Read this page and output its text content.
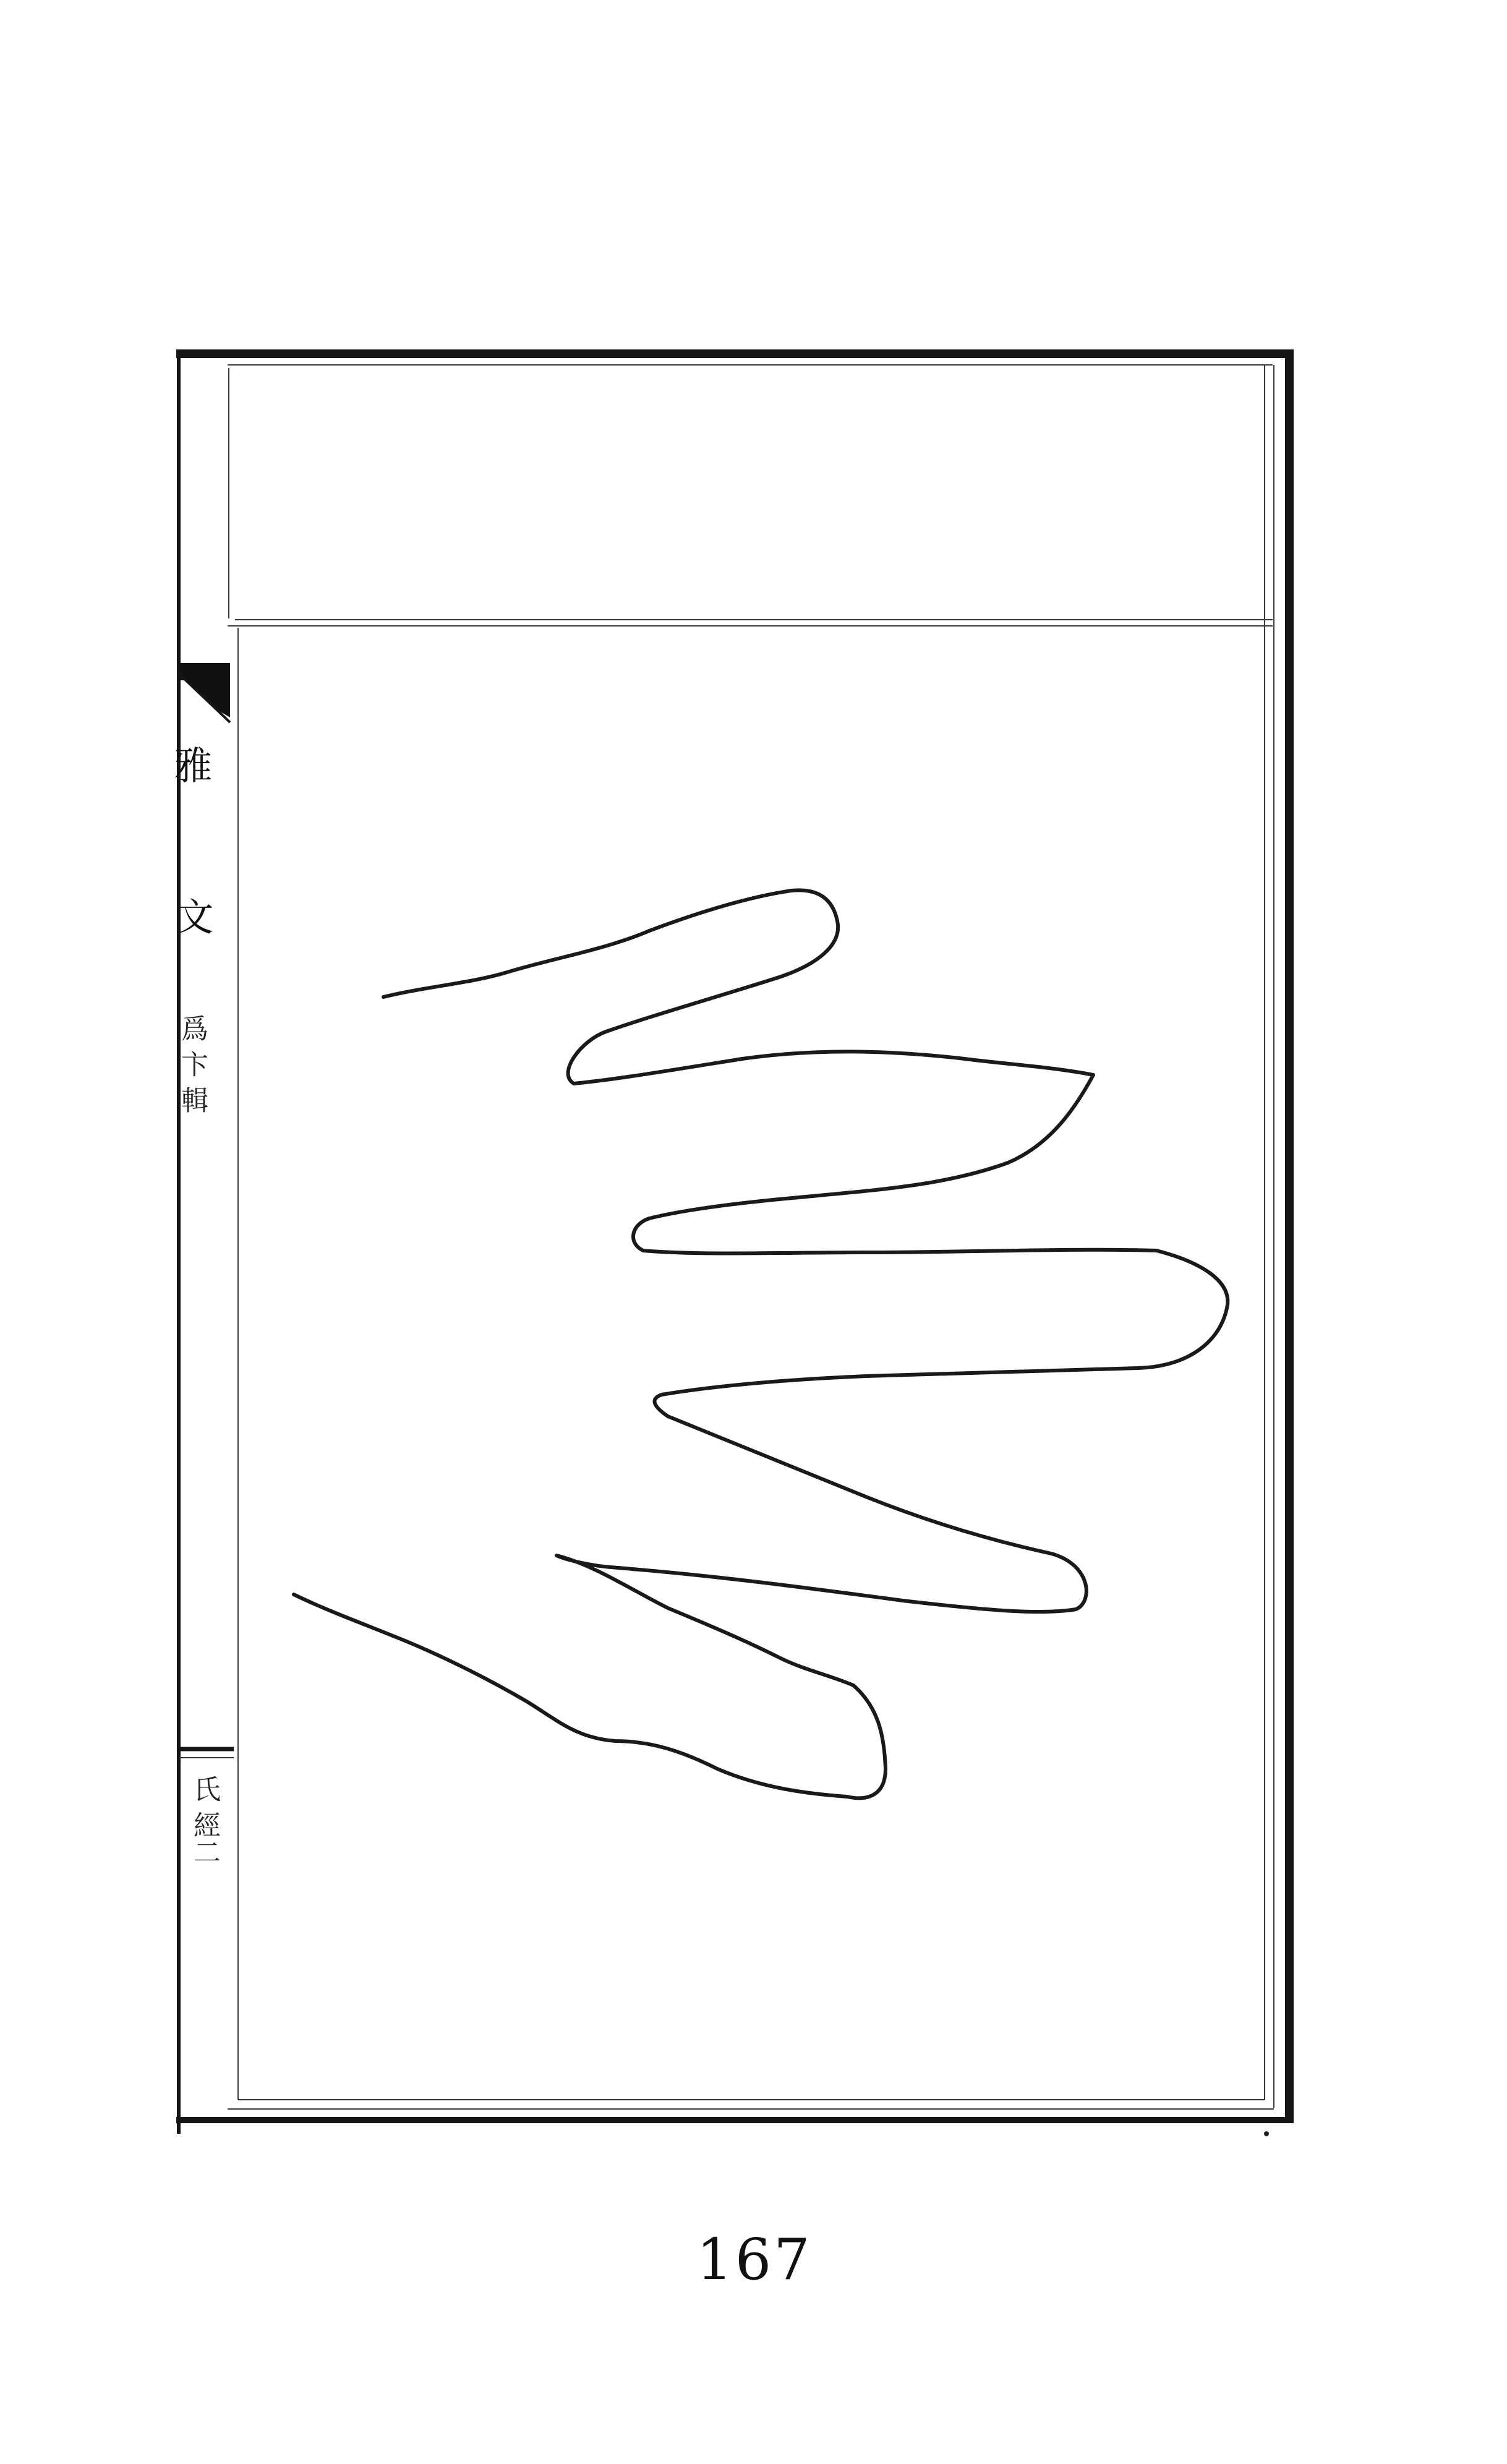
雅
文
爲 卞 輯
氏 經二
167
